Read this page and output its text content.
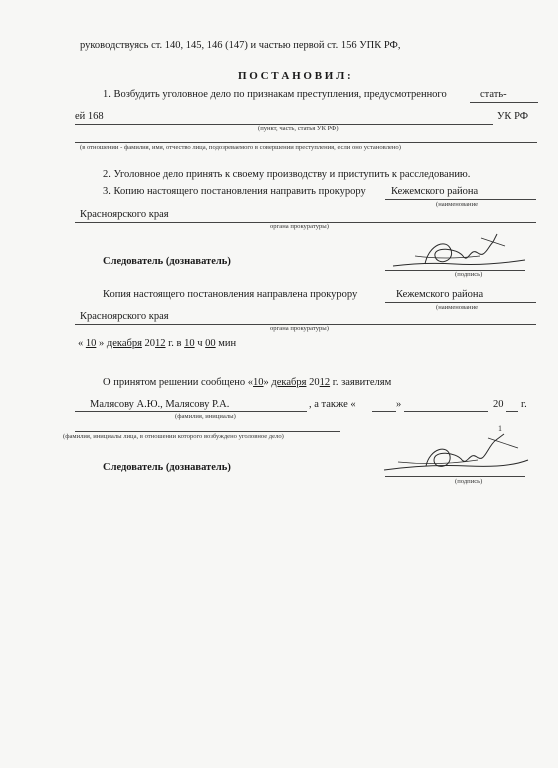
руководствуясь ст. 140, 145, 146 (147) и частью первой ст. 156 УПК РФ,
П О С Т А Н О В И Л :
1. Возбудить уголовное дело по признакам преступления, предусмотренного	стать-
ей 168	УК РФ
(пункт, часть, статья УК РФ)
(в отношении - фамилия, имя, отчество лица, подозреваемого в совершении преступления, если оно установлено)
2. Уголовное дело принять к своему производству и приступить к расследованию.
3. Копию настоящего постановления направить прокурору Кежемского района
(наименование
Красноярского края
органа прокуратуры)
Следователь (дознаватель)
(подпись)
Копия настоящего постановления направлена прокурору	Кежемского района
(наименование
Красноярского края
органа прокуратуры)
« 10 » декабря 2012 г. в 10 ч 00 мин
О принятом решении сообщено «10» декабря 2012 г. заявителям
Малясову А.Ю., Малясову Р.А.	, а также «	»	20 г.
(фамилия, инициалы)
(фамилия, инициалы лица, в отношении которого возбуждено уголовное дело)
Следователь (дознаватель)
1
(подпись)
